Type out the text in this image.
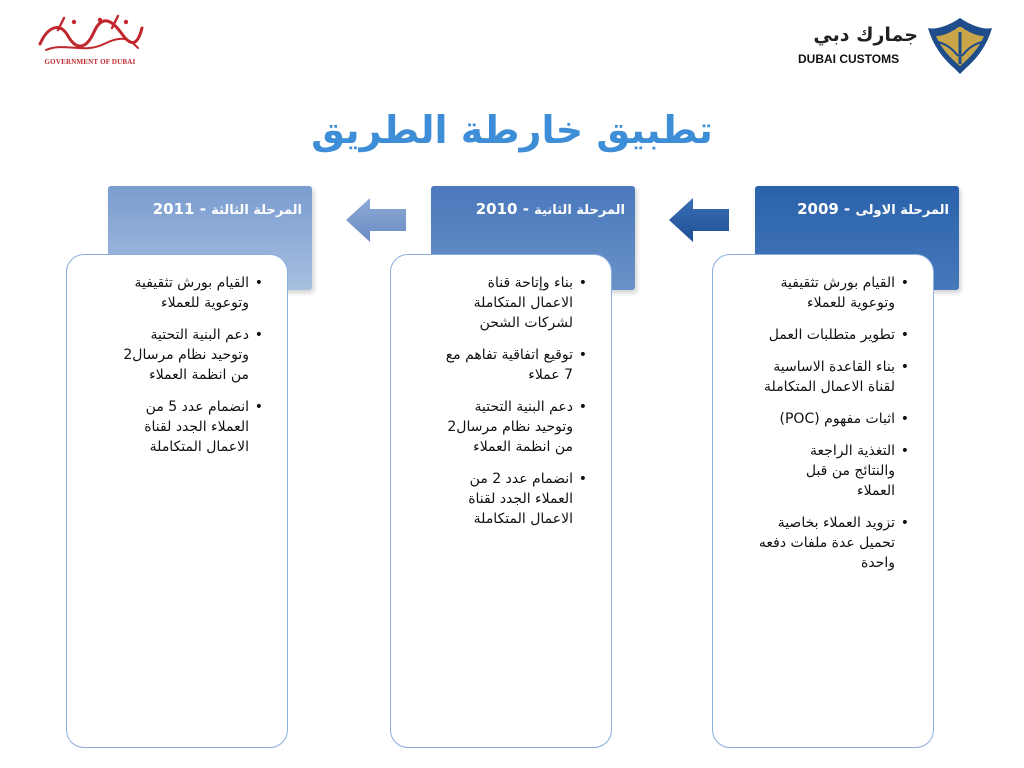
GOVERNMENT OF DUBAI
جمارك دبي
DUBAI CUSTOMS
تطبيق خارطة الطريق
المرحلة الاولى - 2009
المرحلة الثانية - 2010
المرحلة الثالثة - 2011
• القيام بورش تثقيفية
وتوعوية للعملاء
• تطوير متطلبات العمل
• بناء القاعدة الاساسية
لقناة الاعمال المتكاملة
• اثبات مفهوم (POC)
• التغذية الراجعة
والنتائج من قبل
العملاء
• تزويد العملاء بخاصية
تحميل عدة ملفات دفعه
واحدة
• بناء وإتاحة قناة
الاعمال المتكاملة
لشركات الشحن
• توقيع اتفاقية تفاهم مع
7 عملاء
• دعم البنية التحتية
وتوحيد نظام مرسال2
من انظمة العملاء
• انضمام عدد 2 من
العملاء الجدد لقناة
الاعمال المتكاملة
• القيام بورش تثقيفية
وتوعوية للعملاء
• دعم البنية التحتية
وتوحيد نظام مرسال2
من انظمة العملاء
• انضمام عدد 5 من
العملاء الجدد لقناة
الاعمال المتكاملة
